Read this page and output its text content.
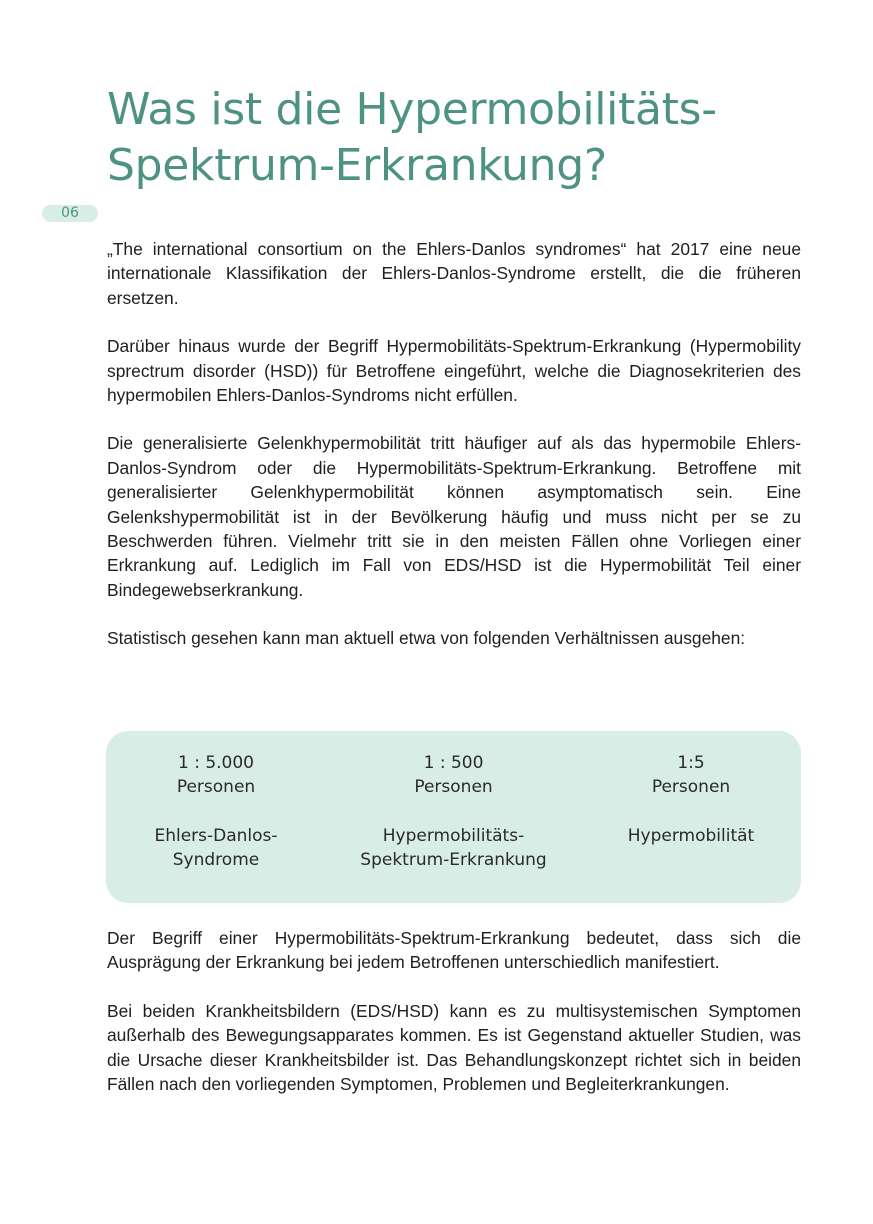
Was ist die Hypermobilitäts-
Spektrum-Erkrankung?
06

„The international consortium on the Ehlers-Danlos syndromes“ hat 2017 eine neue internationale Klassifikation der Ehlers-Danlos-Syndrome erstellt, die die früheren ersetzen.

Darüber hinaus wurde der Begriff Hypermobilitäts-Spektrum-Erkrankung (Hypermobility sprectrum disorder (HSD)) für Betroffene eingeführt, welche die Diagnosekriterien des hypermobilen Ehlers-Danlos-Syndroms nicht erfüllen.

Die generalisierte Gelenkhypermobilität tritt häufiger auf als das hypermobile Ehlers-Danlos-Syndrom oder die Hypermobilitäts-Spektrum-Erkrankung. Betroffene mit generalisierter Gelenkhypermobilität können asymptomatisch sein. Eine Gelenkshypermobilität ist in der Bevölkerung häufig und muss nicht per se zu Beschwerden führen. Vielmehr tritt sie in den meisten Fällen ohne Vorliegen einer Erkrankung auf. Lediglich im Fall von EDS/HSD ist die Hypermobilität Teil einer Bindegewebserkrankung.

Statistisch gesehen kann man aktuell etwa von folgenden Verhältnissen ausgehen:

1 : 5.000
Personen
Ehlers-Danlos-
Syndrome
1 : 500
Personen
Hypermobilitäts-
Spektrum-Erkrankung
1:5
Personen
Hypermobilität

Der Begriff einer Hypermobilitäts-Spektrum-Erkrankung bedeutet, dass sich die Ausprägung der Erkrankung bei jedem Betroffenen unterschiedlich manifestiert.

Bei beiden Krankheitsbildern (EDS/HSD) kann es zu multisystemischen Symptomen außerhalb des Bewegungsapparates kommen. Es ist Gegenstand aktueller Studien, was die Ursache dieser Krankheitsbilder ist. Das Behandlungskonzept richtet sich in beiden Fällen nach den vorliegenden Symptomen, Problemen und Begleiterkrankungen.
